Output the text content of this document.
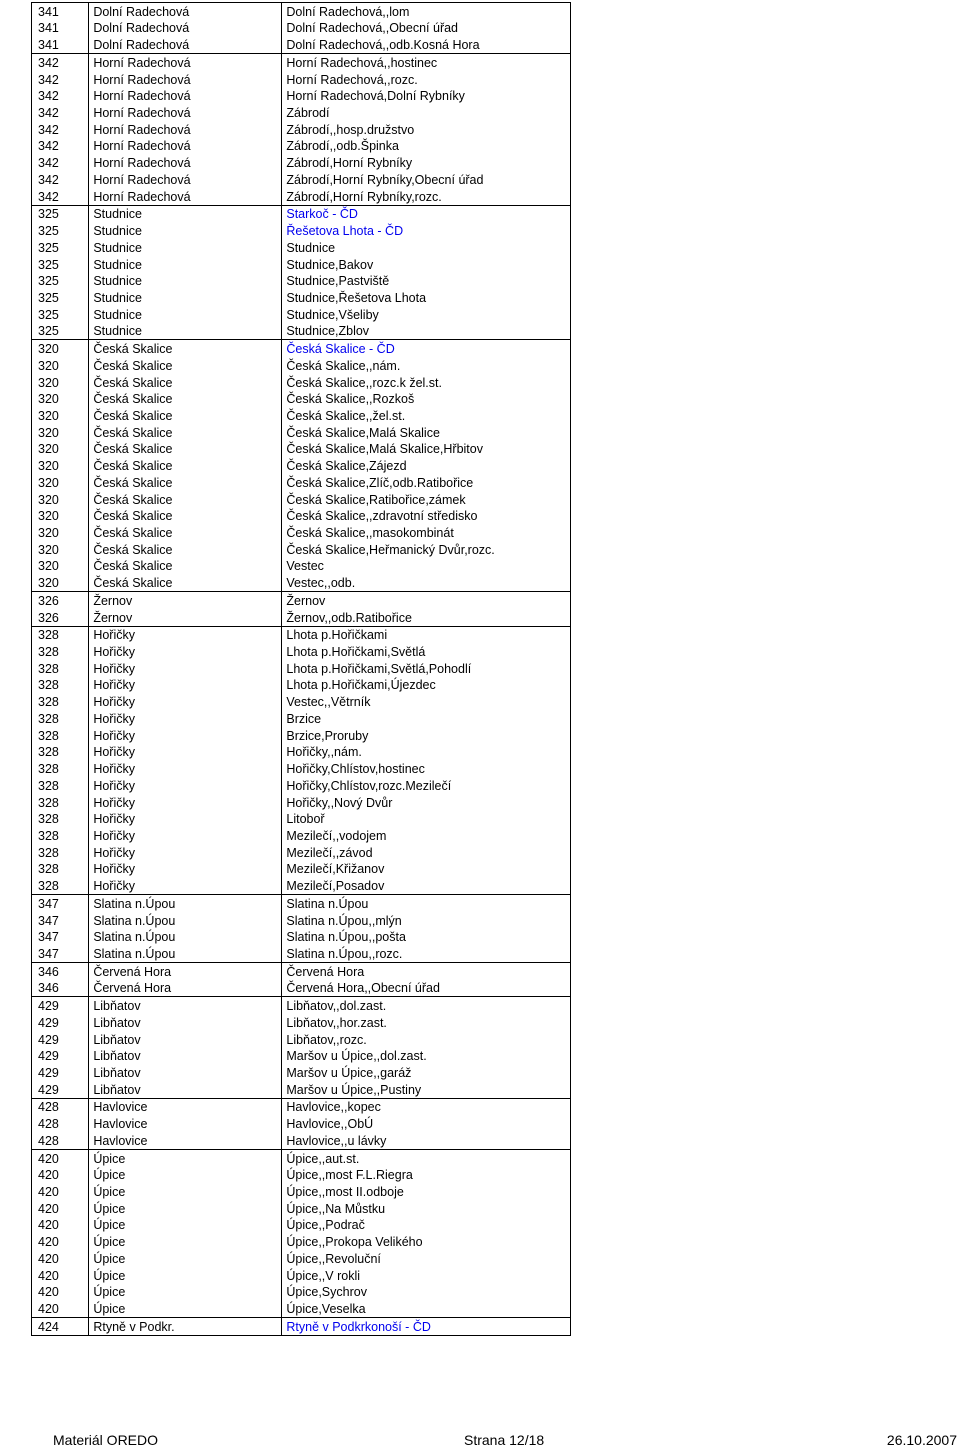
341	Dolní Radechová	Dolní Radechová,,lom
341	Dolní Radechová	Dolní Radechová,,Obecní úřad
341	Dolní Radechová	Dolní Radechová,,odb.Kosná Hora
342	Horní Radechová	Horní Radechová,,hostinec
342	Horní Radechová	Horní Radechová,,rozc.
342	Horní Radechová	Horní Radechová,Dolní Rybníky
342	Horní Radechová	Zábrodí
342	Horní Radechová	Zábrodí,,hosp.družstvo
342	Horní Radechová	Zábrodí,,odb.Špinka
342	Horní Radechová	Zábrodí,Horní Rybníky
342	Horní Radechová	Zábrodí,Horní Rybníky,Obecní úřad
342	Horní Radechová	Zábrodí,Horní Rybníky,rozc.
325	Studnice	Starkoč - ČD
325	Studnice	Řešetova Lhota - ČD
325	Studnice	Studnice
325	Studnice	Studnice,Bakov
325	Studnice	Studnice,Pastviště
325	Studnice	Studnice,Řešetova Lhota
325	Studnice	Studnice,Všeliby
325	Studnice	Studnice,Zblov
320	Česká Skalice	Česká Skalice - ČD
320	Česká Skalice	Česká Skalice,,nám.
320	Česká Skalice	Česká Skalice,,rozc.k žel.st.
320	Česká Skalice	Česká Skalice,,Rozkoš
320	Česká Skalice	Česká Skalice,,žel.st.
320	Česká Skalice	Česká Skalice,Malá Skalice
320	Česká Skalice	Česká Skalice,Malá Skalice,Hřbitov
320	Česká Skalice	Česká Skalice,Zájezd
320	Česká Skalice	Česká Skalice,Zlíč,odb.Ratibořice
320	Česká Skalice	Česká Skalice,Ratibořice,zámek
320	Česká Skalice	Česká Skalice,,zdravotní středisko
320	Česká Skalice	Česká Skalice,,masokombinát
320	Česká Skalice	Česká Skalice,Heřmanický Dvůr,rozc.
320	Česká Skalice	Vestec
320	Česká Skalice	Vestec,,odb.
326	Žernov	Žernov
326	Žernov	Žernov,,odb.Ratibořice
328	Hořičky	Lhota p.Hořičkami
328	Hořičky	Lhota p.Hořičkami,Světlá
328	Hořičky	Lhota p.Hořičkami,Světlá,Pohodlí
328	Hořičky	Lhota p.Hořičkami,Újezdec
328	Hořičky	Vestec,,Větrník
328	Hořičky	Brzice
328	Hořičky	Brzice,Proruby
328	Hořičky	Hořičky,,nám.
328	Hořičky	Hořičky,Chlístov,hostinec
328	Hořičky	Hořičky,Chlístov,rozc.Mezilečí
328	Hořičky	Hořičky,,Nový Dvůr
328	Hořičky	Litoboř
328	Hořičky	Mezilečí,,vodojem
328	Hořičky	Mezilečí,,závod
328	Hořičky	Mezilečí,Křižanov
328	Hořičky	Mezilečí,Posadov
347	Slatina n.Úpou	Slatina n.Úpou
347	Slatina n.Úpou	Slatina n.Úpou,,mlýn
347	Slatina n.Úpou	Slatina n.Úpou,,pošta
347	Slatina n.Úpou	Slatina n.Úpou,,rozc.
346	Červená Hora	Červená Hora
346	Červená Hora	Červená Hora,,Obecní úřad
429	Libňatov	Libňatov,,dol.zast.
429	Libňatov	Libňatov,,hor.zast.
429	Libňatov	Libňatov,,rozc.
429	Libňatov	Maršov u Úpice,,dol.zast.
429	Libňatov	Maršov u Úpice,,garáž
429	Libňatov	Maršov u Úpice,,Pustiny
428	Havlovice	Havlovice,,kopec
428	Havlovice	Havlovice,,ObÚ
428	Havlovice	Havlovice,,u lávky
420	Úpice	Úpice,,aut.st.
420	Úpice	Úpice,,most F.L.Riegra
420	Úpice	Úpice,,most II.odboje
420	Úpice	Úpice,,Na Můstku
420	Úpice	Úpice,,Podrač
420	Úpice	Úpice,,Prokopa Velikého
420	Úpice	Úpice,,Revoluční
420	Úpice	Úpice,,V rokli
420	Úpice	Úpice,Sychrov
420	Úpice	Úpice,Veselka
424	Rtyně v Podkr.	Rtyně v Podkrkonoší - ČD
Materiál OREDO	Strana 12/18	26.10.2007
